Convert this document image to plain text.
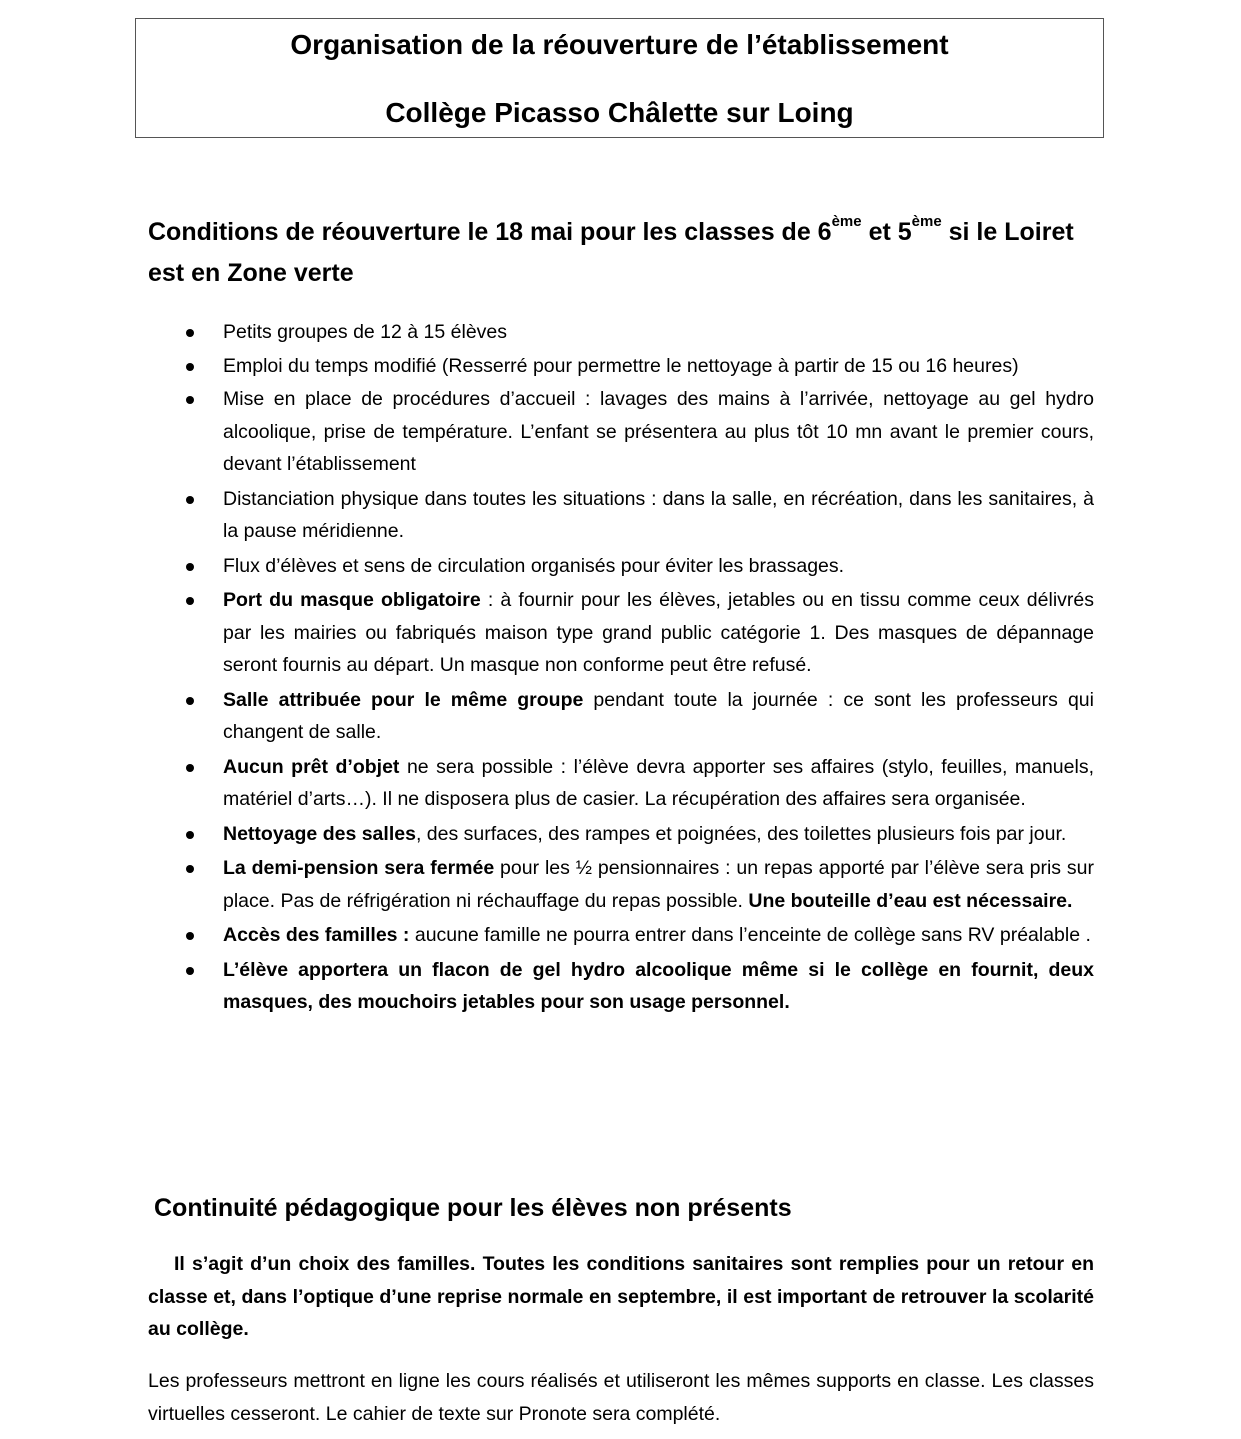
Organisation de la réouverture de l’établissement
Collège Picasso Châlette sur Loing
Conditions de réouverture le 18 mai pour les classes de 6ème et 5ème si le Loiret est en Zone verte
Petits groupes de 12 à 15 élèves
Emploi du temps modifié (Resserré pour permettre le nettoyage à partir de 15 ou 16 heures)
Mise en place de procédures d’accueil : lavages des mains à l’arrivée, nettoyage au gel hydro alcoolique, prise de température. L’enfant se présentera au plus tôt 10 mn avant le premier cours, devant l’établissement
Distanciation physique dans toutes les situations : dans la salle, en récréation, dans les sanitaires, à la pause méridienne.
Flux d’élèves et sens de circulation organisés pour éviter les brassages.
Port du masque obligatoire : à fournir pour les élèves, jetables ou en tissu comme ceux délivrés par les mairies ou fabriqués maison type grand public catégorie 1. Des masques de dépannage seront fournis au départ. Un masque non conforme peut être refusé.
Salle attribuée pour le même groupe pendant toute la journée : ce sont les professeurs qui changent de salle.
Aucun prêt d’objet ne sera possible : l’élève devra apporter ses affaires (stylo, feuilles, manuels, matériel d’arts…). Il ne disposera plus de casier. La récupération des affaires sera organisée.
Nettoyage des salles, des surfaces, des rampes et poignées, des toilettes plusieurs fois par jour.
La demi-pension sera fermée pour les ½ pensionnaires : un repas apporté par l’élève sera pris sur place. Pas de réfrigération ni réchauffage du repas possible. Une bouteille d’eau est nécessaire.
Accès des familles : aucune famille ne pourra entrer dans l’enceinte de collège sans RV préalable .
L’élève apportera un flacon de gel hydro alcoolique même si le collège en fournit, deux masques, des mouchoirs jetables pour son usage personnel.
Continuité pédagogique pour les élèves non présents
Il s’agit d’un choix des familles. Toutes les conditions sanitaires sont remplies pour un retour en classe et, dans l’optique d’une reprise normale en septembre, il est important de retrouver la scolarité au collège.
Les professeurs mettront en ligne les cours réalisés et utiliseront les mêmes supports en classe. Les classes virtuelles cesseront. Le cahier de texte sur Pronote sera complété.
